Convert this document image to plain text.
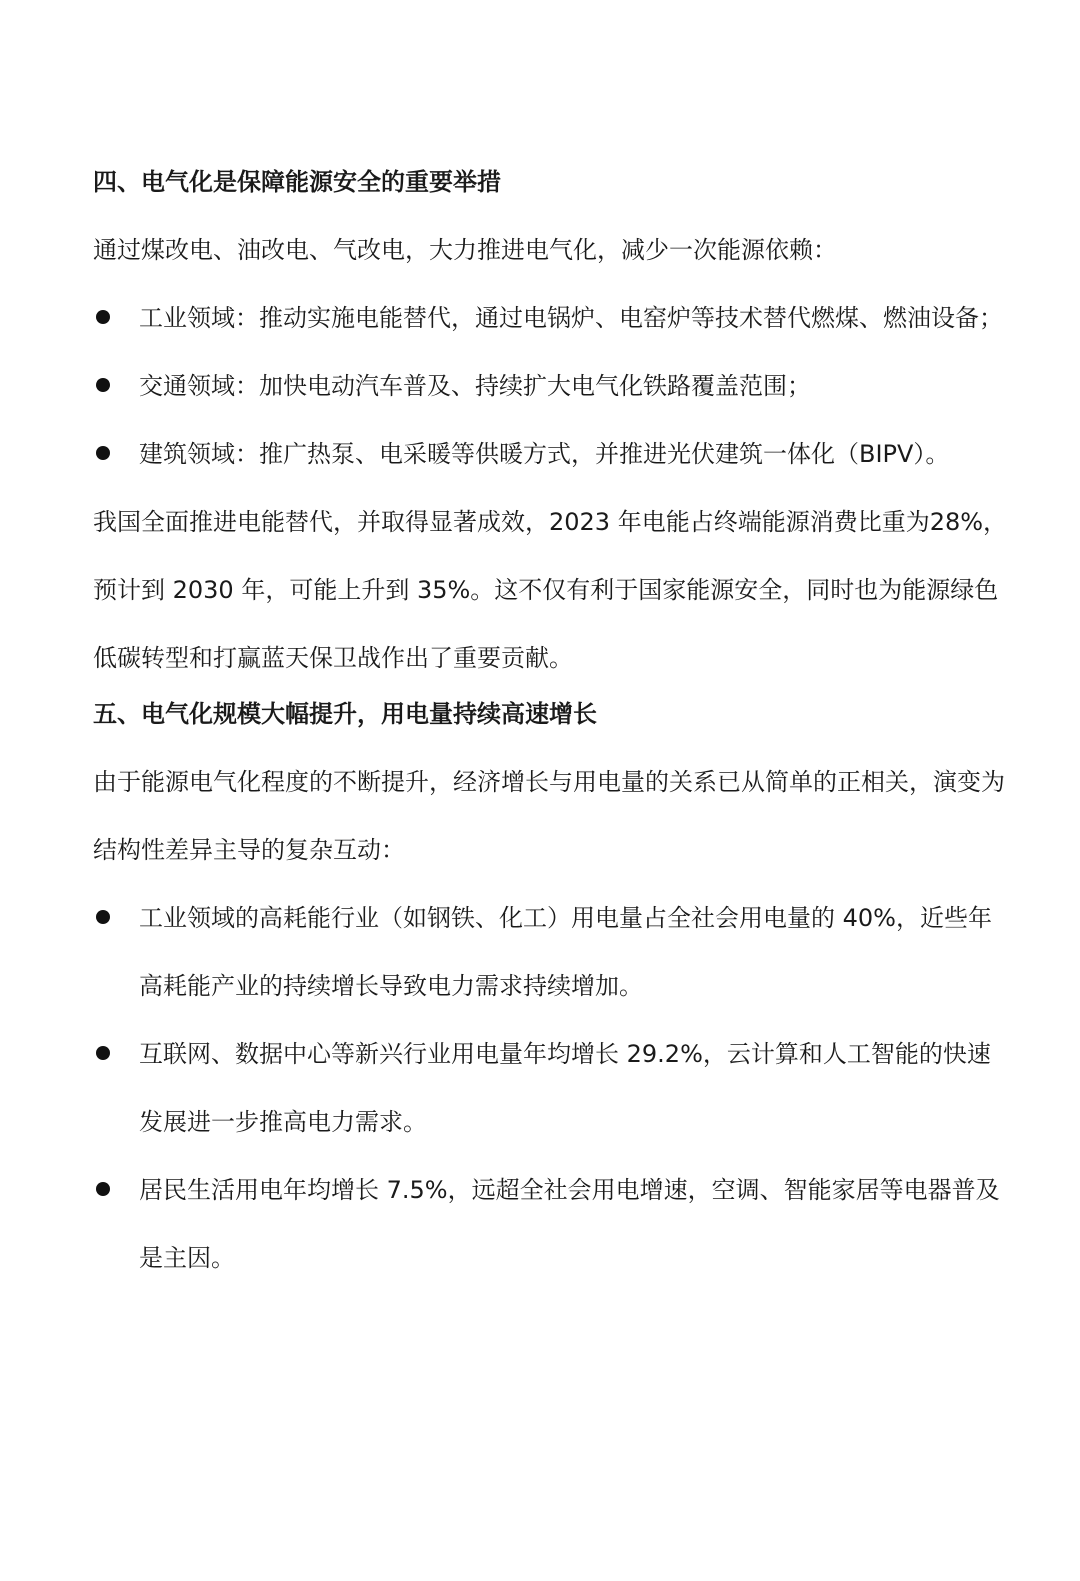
四、电气化是保障能源安全的重要举措

通过煤改电、油改电、气改电，大力推进电气化，减少一次能源依赖：

工业领域：推动实施电能替代，通过电锅炉、电窑炉等技术替代燃煤、燃油设备；
交通领域：加快电动汽车普及、持续扩大电气化铁路覆盖范围；
建筑领域：推广热泵、电采暖等供暖方式，并推进光伏建筑一体化（BIPV）。

我国全面推进电能替代，并取得显著成效，2023 年电能占终端能源消费比重为28%，预计到 2030 年，可能上升到 35%。这不仅有利于国家能源安全，同时也为能源绿色低碳转型和打赢蓝天保卫战作出了重要贡献。

五、电气化规模大幅提升，用电量持续高速增长

由于能源电气化程度的不断提升，经济增长与用电量的关系已从简单的正相关，演变为结构性差异主导的复杂互动：

工业领域的高耗能行业（如钢铁、化工）用电量占全社会用电量的 40%，近些年高耗能产业的持续增长导致电力需求持续增加。
互联网、数据中心等新兴行业用电量年均增长 29.2%，云计算和人工智能的快速发展进一步推高电力需求。
居民生活用电年均增长 7.5%，远超全社会用电增速，空调、智能家居等电器普及是主因。
